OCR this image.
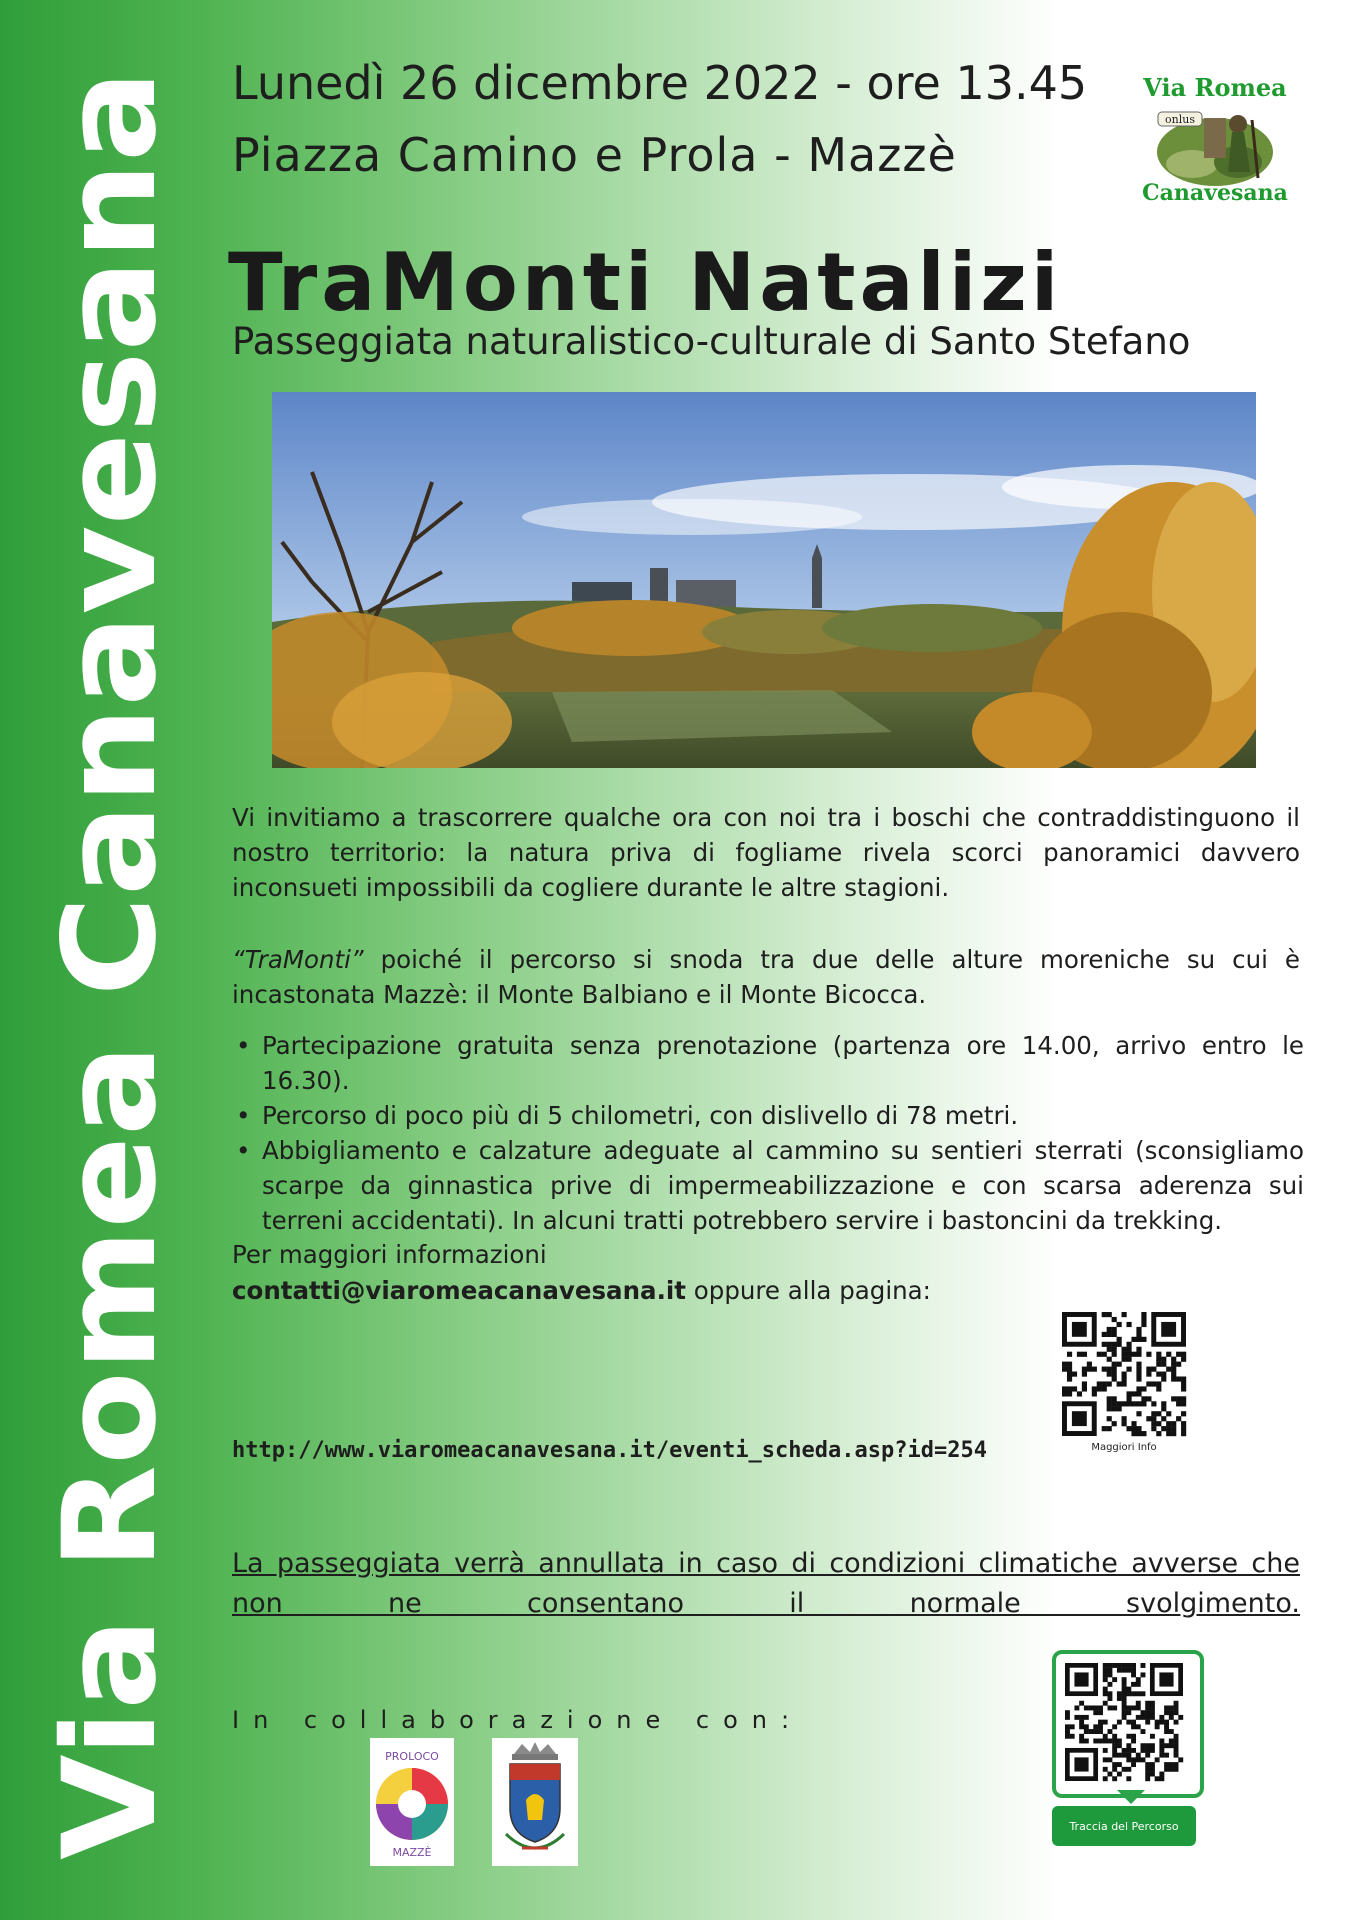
Via Romea Canavesana
Lunedì 26 dicembre 2022 - ore 13.45
Piazza Camino e Prola - Mazzè
onlus
Via Romea
Canavesana
TraMonti Natalizi
Passeggiata naturalistico-culturale di Santo Stefano
Vi invitiamo a trascorrere qualche ora con noi tra i boschi che contraddistinguono il nostro territorio: la natura priva di fogliame rivela scorci panoramici davvero inconsueti impossibili da cogliere durante le altre stagioni.
“TraMonti” poiché il percorso si snoda tra due delle alture moreniche su cui è incastonata Mazzè: il Monte Balbiano e il Monte Bicocca.
• Partecipazione gratuita senza prenotazione (partenza ore 14.00, arrivo entro le 16.30).
• Percorso di poco più di 5 chilometri, con dislivello di 78 metri.
• Abbigliamento e calzature adeguate al cammino su sentieri sterrati (sconsigliamo scarpe da ginnastica prive di impermeabilizzazione e con scarsa aderenza sui terreni accidentati). In alcuni tratti potrebbero servire i bastoncini da trekking.
Per maggiori informazioni
contatti@viaromeacanavesana.it oppure alla pagina:
Maggiori Info
http://www.viaromeacanavesana.it/eventi_scheda.asp?id=254
La passeggiata verrà annullata in caso di condizioni climatiche avverse che non ne consentano il normale svolgimento.
In collaborazione con:
PROLOCO
MAZZÈ
Traccia del Percorso
